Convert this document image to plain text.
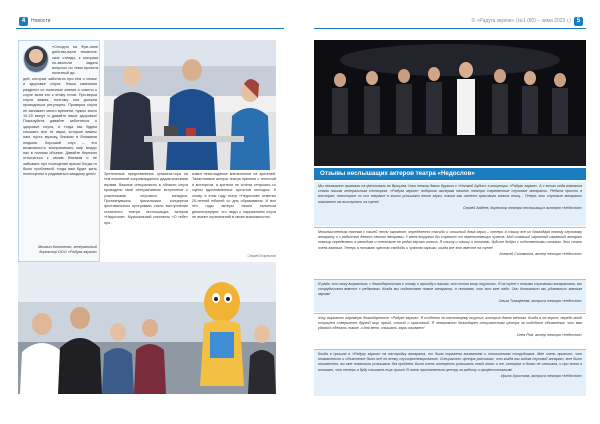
4	Новости	© «Радуга звуков» (№1 (80) – зима 2023 г.) 5
«Сегодня на Фри-лине действо-вали тематиче-ские стенды, к которым по-зволили задать вопросы по тема проекта полезный ди-
дей, которые заботятся про-тем о семье и здоровье слуха. Наша кампания разделит се полезные знания и советы о слухе всем кто к этому готов. Про-верка слуха важна, поэтому она должна проводиться регулярно. Проверка слуха не занимает много времени, нужно всего 10-15 минут и давайте ваше здоровье! Пожалуйста давайте заботиться о здоровье слуха, и тогда мы будем слышать все те звуки, которые важны нам, пусть музыку, близких и близкими людьми. Хороший слух – это возможность воспринимать мир вокруг нас в полном объеме. Давайте бережно относиться к своим близким и не забывать про посещение врача! Когда-то было проблемой, тогда вам будет жить полноценно и радоваться каждому дню!»
Михаил Кононенко, генеральный директор ООО «Радуга звуков»
Зрительные представления организа-тора на тем поколений сопровождались дидактическими играми. Важные специалисты в области слуха проводили своё интерактивное вступление с участниками слухового конкурса. Проникнувшись финальным концертом фестивального программы стало выступление статичного театра неслышащих актеров «Недослов». Музыкальный спектакль «О тебе» про-
извел неизгладимое впечатление на зрителей. Талантливые актеры театра приняли с теплотой и восторгом, а зрители не хотели отпускать со сцены вдохновленных артистов молодых. К слову, в этом году театр «Недослов» отметил 20-летний юбилей со дня образования. И все эти годы актеры своим талантом демонстрируют, что люди с нарушением слуха не имеют ограничений в своих возможностях.
Сергей Корнилов
Отзывы неслышащих актеров театра «Недослов»
Мы несказанно приехали на фестиваль во Вроцлав. Наш театр давно дружит с «Ноткой Аудио» в концепции «Радуги звуков». А с этого года компания стала нашим генеральным спонсором. «Радуга звуков» подарила актерам нашего театра современные слуховые аппараты. Ребята просто в восторге, некоторые из них впервые в жизни услышали некие звуки, такие как шелест красивого голоса птиц... Теперь эти слуховые аппараты помогают им выступать на сцене!
Сергей Авдеев, директор театра неслышащих актеров «Недослов»
Многочисленным тоннам с нашей песни огромное, определенно спасибо и слышный дома звуки – теперь я слышу все их благодаря новому слуховому аппарату и с радостью делюсь своими эмоциями. У меня вскружил бы страшно от переполняющих чувств. Мой ставший огромный игравший аппарат помощь определять в мелодиях и спектакле не редко звучат голоса. Я слышу и слышу и понимаю, будьте добры с собственными словами. Это стало очень важным. Теперь я понимаю чувство свободы и чувство музыки, когда все это вместе на сцене!
Алексей Соломонов, актер театра «Недослов»
Я рада, что могу вырваться, с благодарностью к этому и приходу к вашим, что точно могу ощутить. Я на сцене с новыми слуховыми аппаратами, мы сотрудничаем вместе с ребятами. Когда мы подключаем новые аппараты, я понимаю, что это мне надо. Они доначально мы удивлялись важным звукам!
Ольга Тимофеева, актриса театра «Недослов»
Хочу выразить огромную благодарность «Радуге звуков». Я особенно по-настоящему ощутил, которые давно мечтал. Когда я на корте, передо мной открылся совершенно другой мир, яркий, сочный и красочный. Я невероятно благодарен специалистам центра за подобные объявления, что вам удалось сделать такое, и для меня, слышать звуки оживает!
Олег Ром, актер театра «Недослов»
Когда я пришла в «Радугу звуков» на настройку аппарата, то была поражена вниманием и отношением сотрудников. Мне очень приятно, что внимательно и объяснение было всё по всему слухопротезированию. Специалист центра рассказал, что когда мы видим слуховой аппарат, мне было неизвестно, вы мне позволили услышать без проблем. Было очень интересно услышать твой голос и те, которые я долго не слышала, и при этом я понимаю, что теперь я буду слышать еще лучше! Я очень признательна центру за работу и профессионализм!
Ирина Христова, актриса театра «Недослов»
